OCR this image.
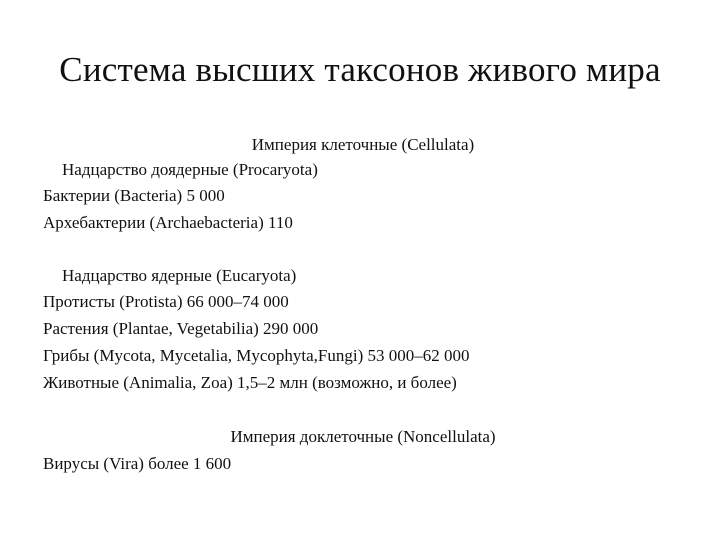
Система высших таксонов живого мира
Империя клеточные (Cellulata)
Надцарство доядерные (Procaryota)
Бактерии (Bacteria) 5 000
Архебактерии (Archaebacteria) 110
Надцарство ядерные (Eucaryota)
Протисты (Protista) 66 000–74 000
Растения (Plantae, Vegetabilia) 290 000
Грибы (Mycota, Mycetalia, Mycophyta,Fungi) 53 000–62 000
Животные (Animalia, Zoa) 1,5–2 млн (возможно, и более)
Империя доклеточные (Noncellulata)
Вирусы (Vira) более 1 600
